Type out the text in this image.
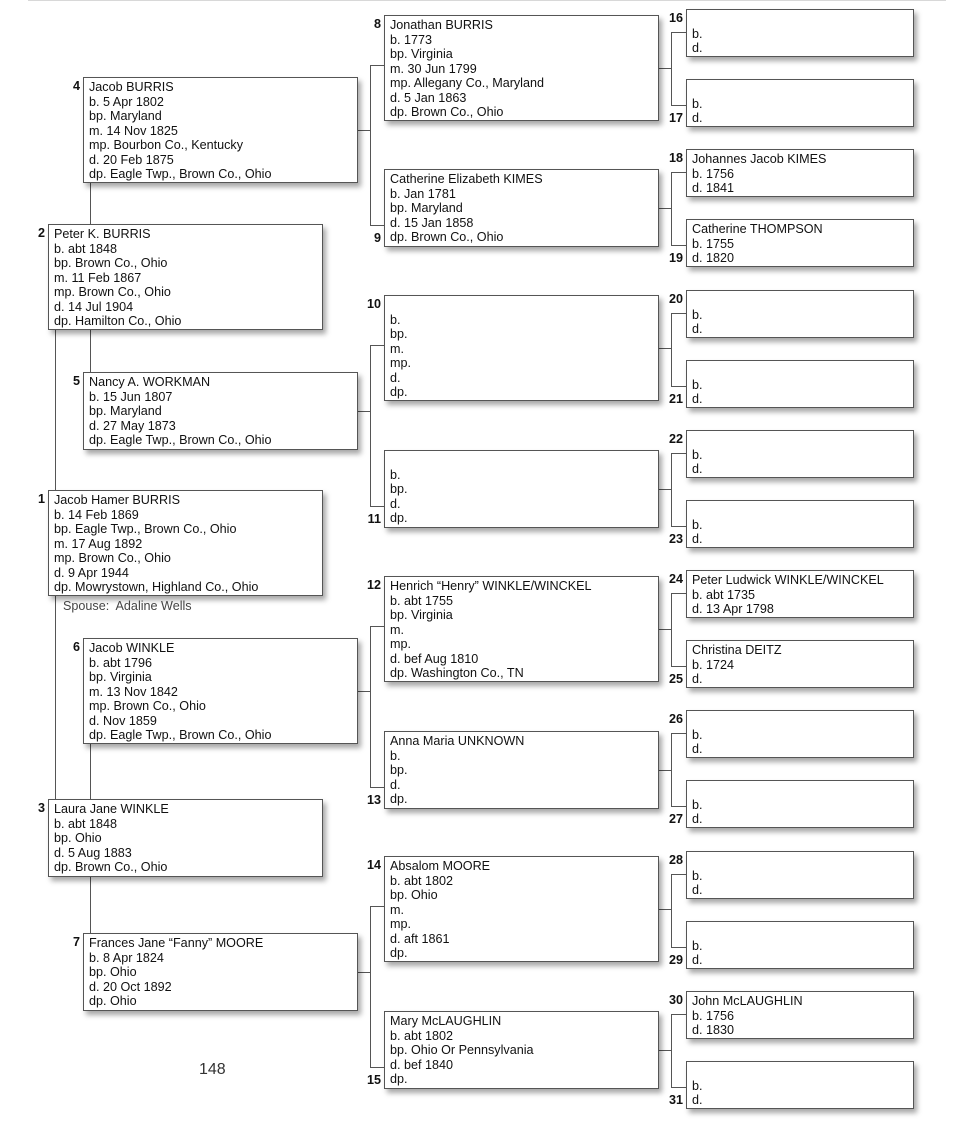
Jacob Hamer BURRIS
b. 14 Feb 1869
bp. Eagle Twp., Brown Co., Ohio
m. 17 Aug 1892
mp. Brown Co., Ohio
d. 9 Apr 1944
dp. Mowrystown, Highland Co., Ohio
1
Peter K. BURRIS
b. abt 1848
bp. Brown Co., Ohio
m. 11 Feb 1867
mp. Brown Co., Ohio
d. 14 Jul 1904
dp. Hamilton Co., Ohio
2
Laura Jane WINKLE
b. abt 1848
bp. Ohio
d. 5 Aug 1883
dp. Brown Co., Ohio
3
Jacob BURRIS
b. 5 Apr 1802
bp. Maryland
m. 14 Nov 1825
mp. Bourbon Co., Kentucky
d. 20 Feb 1875
dp. Eagle Twp., Brown Co., Ohio
4
Nancy A. WORKMAN
b. 15 Jun 1807
bp. Maryland
d. 27 May 1873
dp. Eagle Twp., Brown Co., Ohio
5
Jacob WINKLE
b. abt 1796
bp. Virginia
m. 13 Nov 1842
mp. Brown Co., Ohio
d. Nov 1859
dp. Eagle Twp., Brown Co., Ohio
6
Frances Jane “Fanny” MOORE
b. 8 Apr 1824
bp. Ohio
d. 20 Oct 1892
dp. Ohio
7
Jonathan BURRIS
b. 1773
bp. Virginia
m. 30 Jun 1799
mp. Allegany Co., Maryland
d. 5 Jan 1863
dp. Brown Co., Ohio
8
Catherine Elizabeth KIMES
b. Jan 1781
bp. Maryland
d. 15 Jan 1858
dp. Brown Co., Ohio
9

b.
bp.
m.
mp.
d.
dp.
10

b.
bp.
d.
dp.
11
Henrich “Henry” WINKLE/WINCKEL
b. abt 1755
bp. Virginia
m.
mp.
d. bef Aug 1810
dp. Washington Co., TN
12
Anna Maria UNKNOWN
b.
bp.
d.
dp.
13
Absalom MOORE
b. abt 1802
bp. Ohio
m.
mp.
d. aft 1861
dp.
14
Mary McLAUGHLIN
b. abt 1802
bp. Ohio Or Pennsylvania
d. bef 1840
dp.
15

b.
d.
16

b.
d.
17
Johannes Jacob KIMES
b. 1756
d. 1841
18
Catherine THOMPSON
b. 1755
d. 1820
19

b.
d.
20

b.
d.
21

b.
d.
22

b.
d.
23
Peter Ludwick WINKLE/WINCKEL
b. abt 1735
d. 13 Apr 1798
24
Christina DEITZ
b. 1724
d.
25

b.
d.
26

b.
d.
27

b.
d.
28

b.
d.
29
John McLAUGHLIN
b. 1756
d. 1830
30

b.
d.
31
Spouse: Adaline Wells
148
